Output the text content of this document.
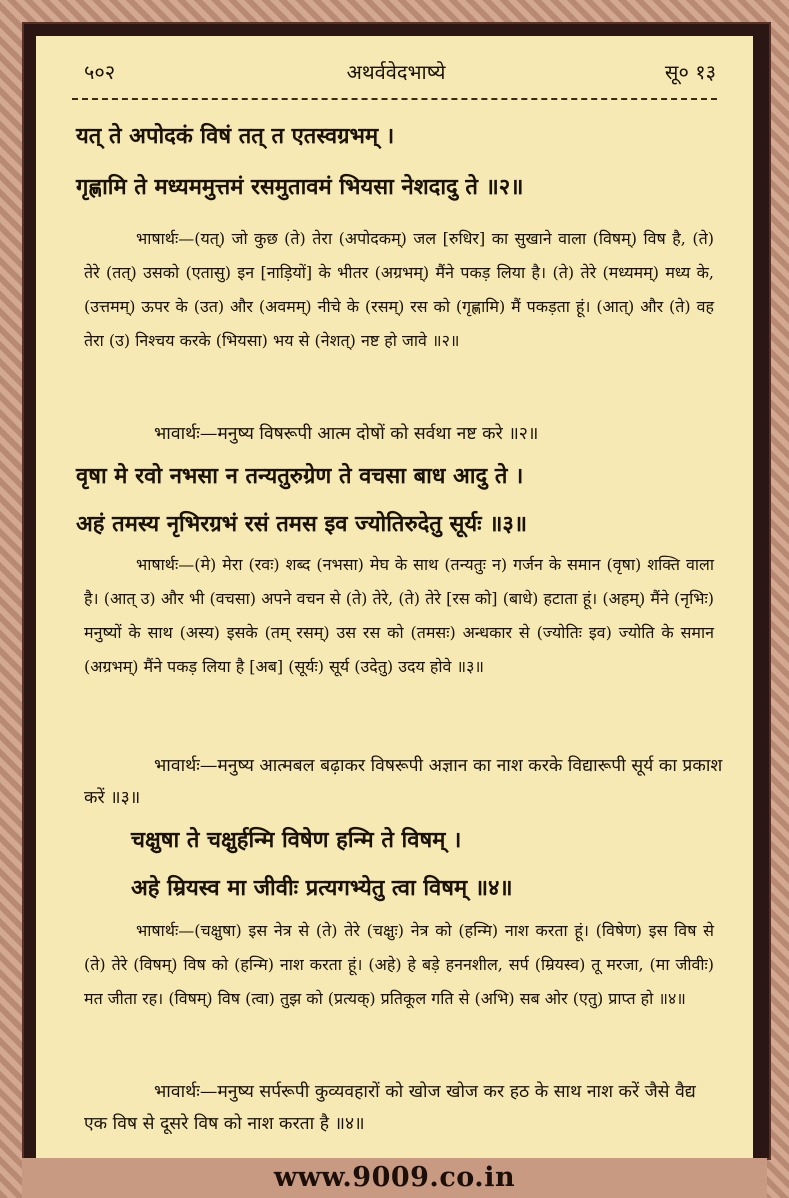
५०२	अथर्ववेदभाष्ये	सू० १३
यत् ते अपोदकं विषं तत् त एतस्वग्रभम् ।
गृह्णामि ते मध्यममुत्तमं रसमुतावमं भियसा नेशदादु ते ॥२॥
भाषार्थः—(यत्) जो कुछ (ते) तेरा (अपोदकम्) जल [रुधिर] का सुखाने वाला (विषम्) विष है, (ते) तेरे (तत्) उसको (एतासु) इन [नाड़ियों] के भीतर (अग्रभम्) मैंने पकड़ लिया है। (ते) तेरे (मध्यमम्) मध्य के, (उत्तमम्) ऊपर के (उत) और (अवमम्) नीचे के (रसम्) रस को (गृह्णामि) मैं पकड़ता हूं। (आत्) और (ते) वह तेरा (उ) निश्चय करके (भियसा) भय से (नेशत्) नष्ट हो जावे ॥२॥
भावार्थः—मनुष्य विषरूपी आत्म दोषों को सर्वथा नष्ट करे ॥२॥
वृषा मे रवो नभसा न तन्यतुरुग्रेण ते वचसा बाध आदु ते ।
अहं तमस्य नृभिरग्रभं रसं तमस इव ज्योतिरुदेतु सूर्यः ॥३॥
भाषार्थः—(मे) मेरा (रवः) शब्द (नभसा) मेघ के साथ (तन्यतुः न) गर्जन के समान (वृषा) शक्ति वाला है। (आत् उ) और भी (वचसा) अपने वचन से (ते) तेरे, (ते) तेरे [रस को] (बाधे) हटाता हूं। (अहम्) मैंने (नृभिः) मनुष्यों के साथ (अस्य) इसके (तम् रसम्) उस रस को (तमसः) अन्धकार से (ज्योतिः इव) ज्योति के समान (अग्रभम्) मैंने पकड़ लिया है [अब] (सूर्यः) सूर्य (उदेतु) उदय होवे ॥३॥
भावार्थः—मनुष्य आत्मबल बढ़ाकर विषरूपी अज्ञान का नाश करके विद्यारूपी सूर्य का प्रकाश करें ॥३॥
चक्षुषा ते चक्षुर्हन्मि विषेण हन्मि ते विषम् ।
अहे म्रियस्व मा जीवीः प्रत्यगभ्येतु त्वा विषम् ॥४॥
भाषार्थः—(चक्षुषा) इस नेत्र से (ते) तेरे (चक्षुः) नेत्र को (हन्मि) नाश करता हूं। (विषेण) इस विष से (ते) तेरे (विषम्) विष को (हन्मि) नाश करता हूं। (अहे) हे बड़े हननशील, सर्प (म्रियस्व) तू मरजा, (मा जीवीः) मत जीता रह। (विषम्) विष (त्वा) तुझ को (प्रत्यक्) प्रतिकूल गति से (अभि) सब ओर (एतु) प्राप्त हो ॥४॥
भावार्थः—मनुष्य सर्परूपी कुव्यवहारों को खोज खोज कर हठ के साथ नाश करें जैसे वैद्य एक विष से दूसरे विष को नाश करता है ॥४॥
www.9009.co.in
